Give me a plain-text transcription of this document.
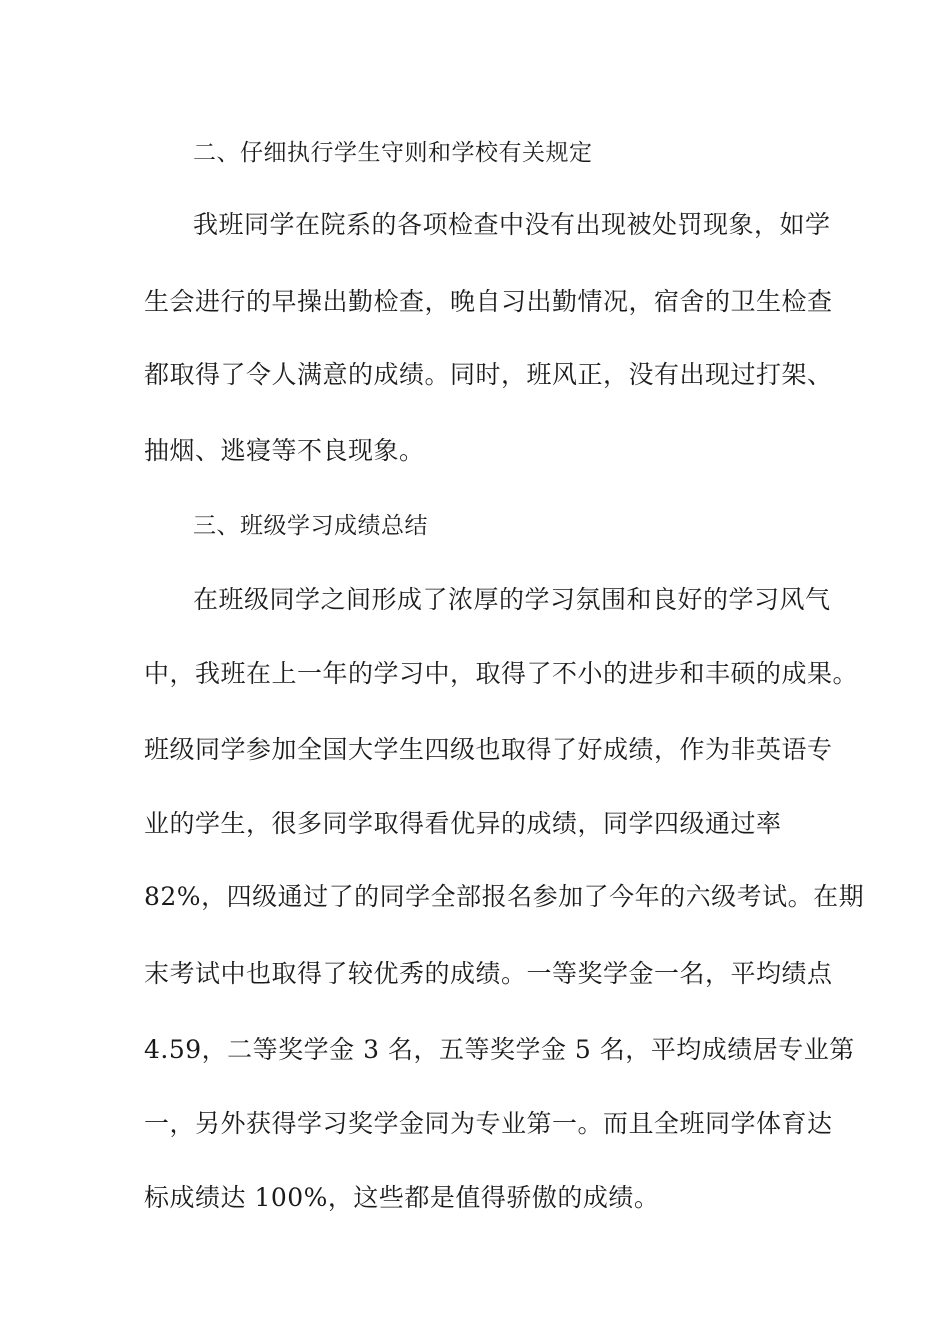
二、仔细执行学生守则和学校有关规定
我班同学在院系的各项检查中没有出现被处罚现象，如学
生会进行的早操出勤检查，晚自习出勤情况，宿舍的卫生检查
都取得了令人满意的成绩。同时，班风正，没有出现过打架、
抽烟、逃寝等不良现象。
三、班级学习成绩总结
在班级同学之间形成了浓厚的学习氛围和良好的学习风气
中，我班在上一年的学习中，取得了不小的进步和丰硕的成果。
班级同学参加全国大学生四级也取得了好成绩，作为非英语专
业的学生，很多同学取得看优异的成绩，同学四级通过率
82%，四级通过了的同学全部报名参加了今年的六级考试。在期
末考试中也取得了较优秀的成绩。一等奖学金一名，平均绩点
4.59，二等奖学金 3 名，五等奖学金 5 名，平均成绩居专业第
一，另外获得学习奖学金同为专业第一。而且全班同学体育达
标成绩达 100%，这些都是值得骄傲的成绩。
